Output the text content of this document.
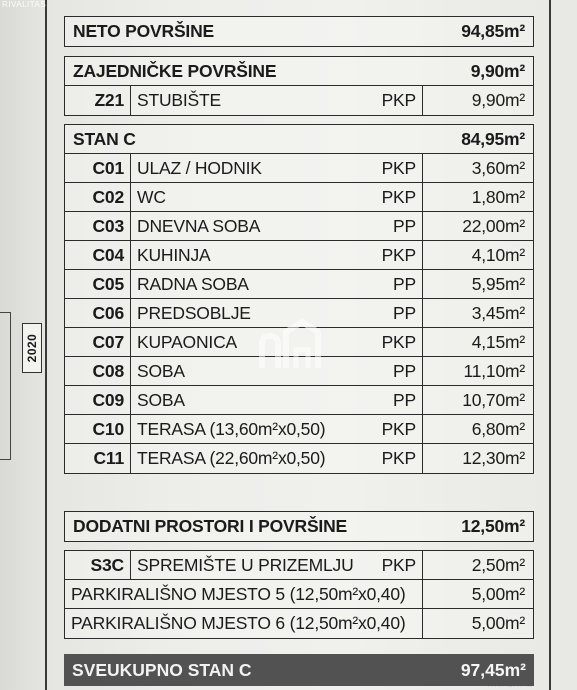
2020
RIVALITAS
NETO POVRŠINE	94,85m²
ZAJEDNIČKE POVRŠINE	9,90m²
Z21 STUBIŠTE	PKP	9,90m²
STAN C	84,95m²
C01 ULAZ / HODNIK	PKP	3,60m²
C02 WC	PKP	1,80m²
C03 DNEVNA SOBA	PP	22,00m²
C04 KUHINJA	PKP	4,10m²
C05 RADNA SOBA	PP	5,95m²
C06 PREDSOBLJE	PP	3,45m²
C07 KUPAONICA	PKP	4,15m²
C08 SOBA	PP	11,10m²
C09 SOBA	PP	10,70m²
C10 TERASA (13,60m²x0,50)	PKP	6,80m²
C11 TERASA (22,60m²x0,50)	PKP	12,30m²
DODATNI PROSTORI I POVRŠINE	12,50m²
S3C SPREMIŠTE U PRIZEMLJU	PKP	2,50m²
PARKIRALIŠNO MJESTO 5 (12,50m²x0,40)	5,00m²
PARKIRALIŠNO MJESTO 6 (12,50m²x0,40)	5,00m²
SVEUKUPNO STAN C	97,45m²
